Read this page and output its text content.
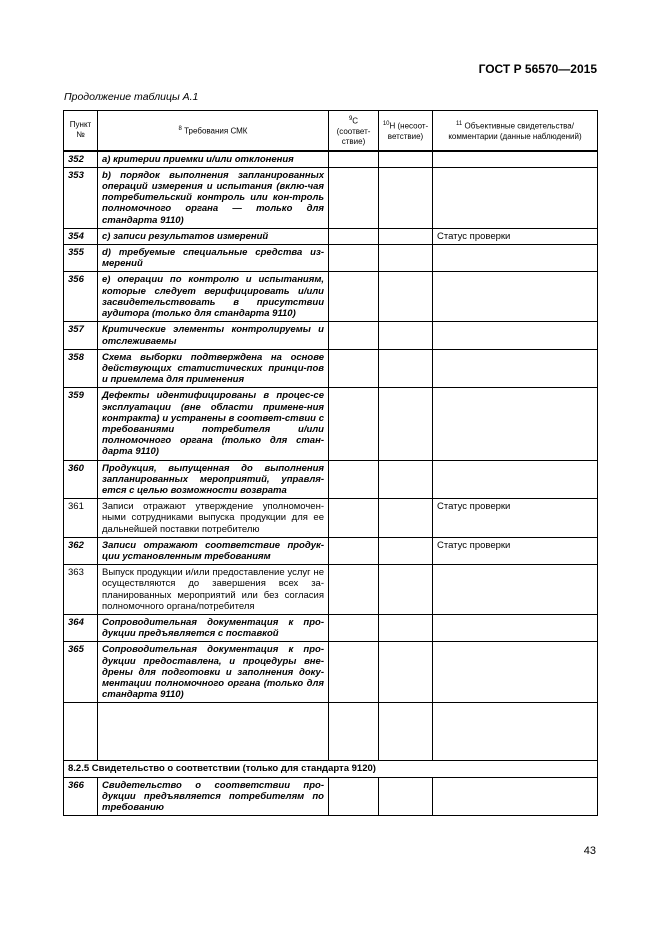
ГОСТ Р 56570—2015
Продолжение таблицы А.1
Пункт №	$^8$ Требования СМК	$^9$С (соответ-ствие)	$^{10}$Н (несоот-ветствие)	$^{11}$ Объективные свидетельства/ комментарии (данные наблюдений)
352	a) критерии приемки и/или отклонения			
353	b) порядок выполнения запланированных операций измерения и испытания (вклю-чая потребительский контроль или кон-троль полномочного органа — только для стандарта 9110)			
354	c) записи результатов измерений			Статус проверки
355	d) требуемые специальные средства из-мерений			
356	e) операции по контролю и испытаниям, которые следует верифицировать и/или засвидетельствовать в присутствии аудитора (только для стандарта 9110)			
357	Критические элементы контролируемы и отслеживаемы			
358	Схема выборки подтверждена на основе действующих статистических принци-пов и приемлема для применения			
359	Дефекты идентифицированы в процес-се эксплуатации (вне области примене-ния контракта) и устранены в соответ-ствии с требованиями потребителя и/или полномочного органа (только для стан-дарта 9110)			
360	Продукция, выпущенная до выполнения запланированных мероприятий, управля-ется с целью возможности возврата			
361	Записи отражают утверждение уполномочен-ными сотрудниками выпуска продукции для ее дальнейшей поставки потребителю			Статус проверки
362	Записи отражают соответствие продук-ции установленным требованиям			Статус проверки
363	Выпуск продукции и/или предоставление услуг не осуществляются до завершения всех за-планированных мероприятий или без согласия полномочного органа/потребителя			
364	Сопроводительная документация к про-дукции предъявляется с поставкой			
365	Сопроводительная документация к про-дукции предоставлена, и процедуры вне-дрены для подготовки и заполнения доку-ментации полномочного органа (только для стандарта 9110)			

8.2.5 Свидетельство о соответствии (только для стандарта 9120)				
366	Свидетельство о соответствии про-дукции предъявляется потребителям по требованию			
43
